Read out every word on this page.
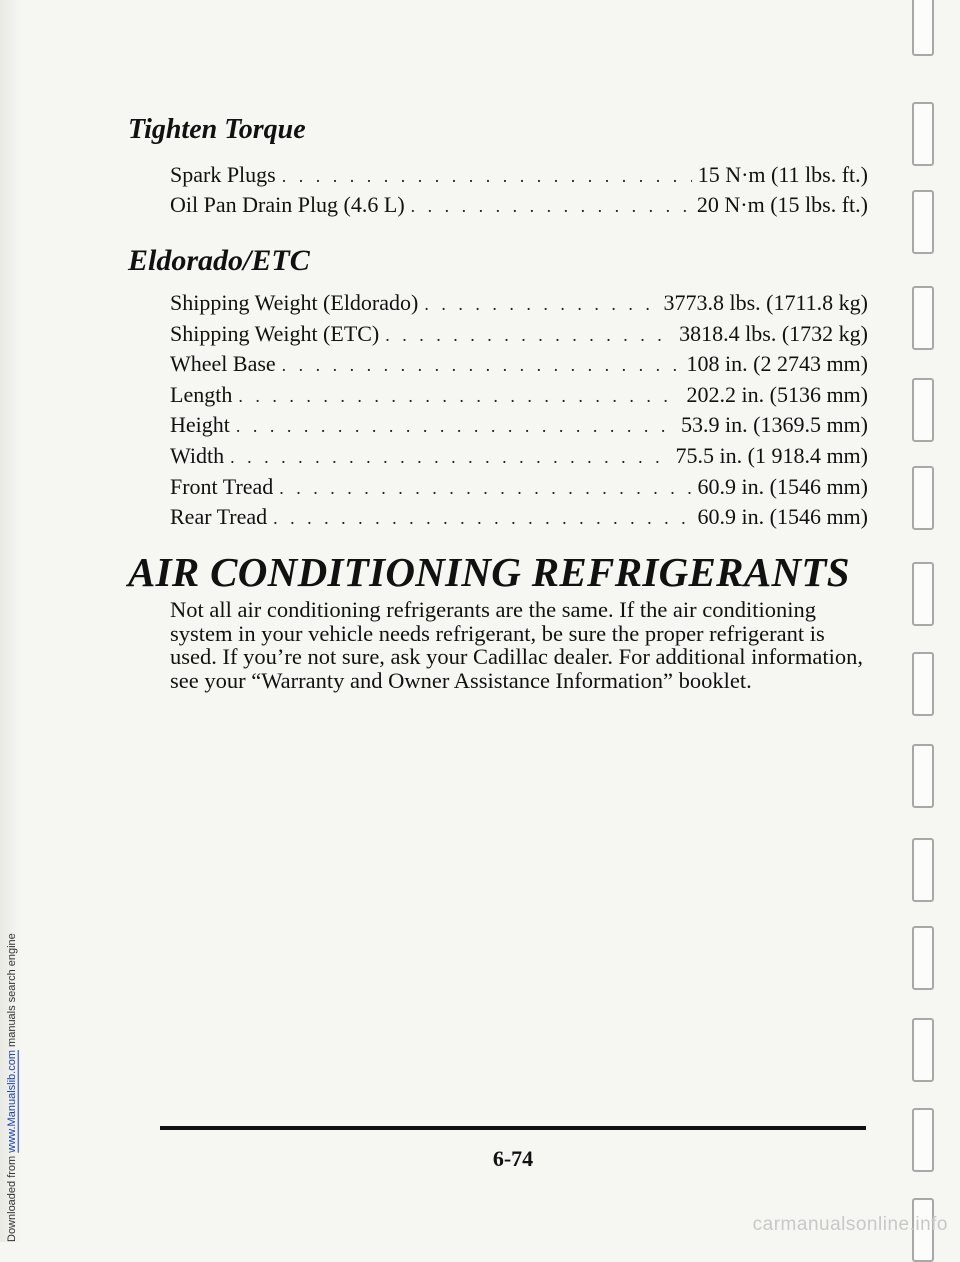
Downloaded from www.Manualslib.com manuals search engine
Tighten Torque
Spark Plugs . . .	15 N·m (11 lbs. ft.)
Oil Pan Drain Plug (4.6 L) . . .	20 N·m (15 lbs. ft.)
Eldorado/ETC
Shipping Weight (Eldorado) . . .	3773.8 lbs. (1711.8 kg)
Shipping Weight (ETC) . . .	3818.4 lbs. (1732 kg)
Wheel Base . . .	108 in. (2 2743 mm)
Length . . .	202.2 in. (5136 mm)
Height . . .	53.9 in. (1369.5 mm)
Width . . .	75.5 in. (1 918.4 mm)
Front Tread . . .	60.9 in. (1546 mm)
Rear Tread . . .	60.9 in. (1546 mm)
AIR CONDITIONING REFRIGERANTS

Not all air conditioning refrigerants are the same. If the air conditioning system in your vehicle needs refrigerant, be sure the proper refrigerant is used. If you’re not sure, ask your Cadillac dealer. For additional information, see your “Warranty and Owner Assistance Information” booklet.

6-74
carmanualsonline.info
